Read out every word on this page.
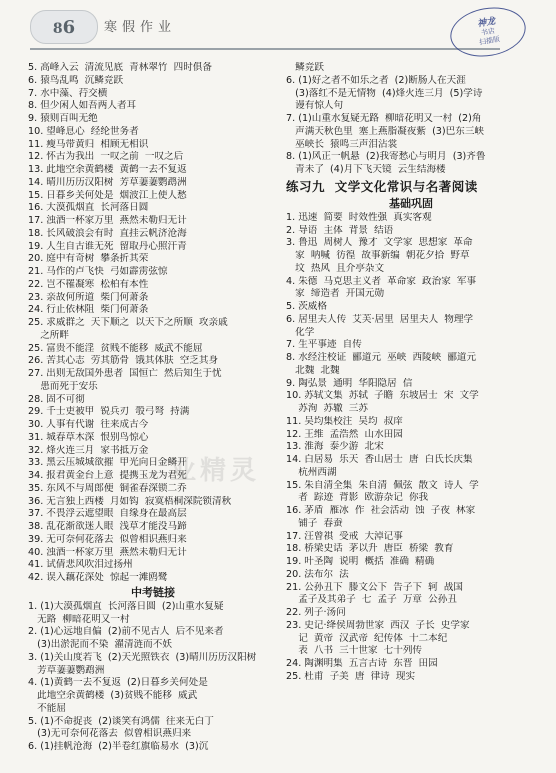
86 寒假作业	神龙
书店
扫描版
5. 高峰入云  清流见底  青林翠竹  四时俱备
6. 猿鸟乱鸣  沉鳞竞跃
7. 水中藻、荇交横
8. 但少闲人如吾两人者耳
9. 猿则百叫无绝
10. 望峰息心  经纶世务者
11. 瘦马带黄归  相顾无相识
12. 怀古为我出  一叹之前  一叹之后
13. 此地空余黄鹤楼  黄鹤一去不复返
14. 晴川历历汉阳树  芳草萋萋鹦鹉洲
15. 日暮乡关何处是  烟波江上使人愁
16. 大漠孤烟直  长河落日圆
17. 浊酒一杯家万里  燕然未勒归无计
18. 长风破浪会有时  直挂云帆济沧海
19. 人生自古谁无死  留取丹心照汗青
20. 庭中有奇树  攀条折其荣
21. 马作的卢飞快  弓如霹雳弦惊
22. 岂不罹凝寒  松柏有本性
23. 亲故何所道  柴门何萧条
24. 行止依林阻  柴门何萧条
25. 求威群之  天下顺之  以天下之所顺  攻亲戚
之所畔
25. 富贵不能淫  贫贱不能移  威武不能屈
26. 苦其心志  劳其筋骨  饿其体肤  空乏其身
27. 出则无敌国外患者  国恒亡  然后知生于忧
患而死于安乐
28. 固不可彻
29. 千士吏被甲  锐兵刃  彀弓弩  持满
30. 人事有代谢  往来成古今
31. 城春草木深  恨别鸟惊心
32. 烽火连三月  家书抵万金
33. 黑云压城城欲摧  甲光向日金鳞开
34. 报君黄金台上意  提携玉龙为君死
35. 东风不与周郎便  铜雀春深锁二乔
36. 无言独上西楼  月如钩  寂寞梧桐深院锁清秋
37. 不畏浮云遮望眼  自缘身在最高层
38. 乱花渐欲迷人眼  浅草才能没马蹄
39. 无可奈何花落去  似曾相识燕归来
40. 浊酒一杯家万里  燕然未勒归无计
41. 试倩悲风吹泪过扬州
42. 误入藕花深处  惊起一滩鸥鹭
中考链接
1. (1)大漠孤烟直  长河落日圆  (2)山重水复疑
无路  柳暗花明又一村
2. (1)心远地自偏  (2)前不见古人  后不见来者
(3)出淤泥而不染  濯清涟而不妖
3. (1)关山度若飞  (2)天光照铁衣  (3)晴川历历汉阳树
芳草萋萋鹦鹉洲
4. (1)黄鹤一去不复返  (2)日暮乡关何处是
此地空余黄鹤楼  (3)贫贱不能移  威武
不能屈
5. (1)不命捉丧  (2)谈笑有鸿儒  往来无白丁
(3)无可奈何花落去  似曾相识燕归来
6. (1)挂帆沧海  (2)半卷红旗临易水  (3)沉
鳞竞跃
6. (1)好之者不如乐之者  (2)断肠人在天涯
(3)落红不是无情物  (4)烽火连三月  (5)学诗
谩有惊人句
7. (1)山重水复疑无路  柳暗花明又一村  (2)角
声满天秋色里  塞上燕脂凝夜紫  (3)巴东三峡
巫峡长  猿鸣三声泪沾裳
8. (1)风正一帆悬  (2)我寄愁心与明月  (3)齐鲁
青未了  (4)月下飞天镜  云生结海楼
练习九  文学文化常识与名著阅读
基础巩固
1. 迅速  简要  时效性强  真实客观
2. 导语  主体  背景  结语
3. 鲁迅  周树人  豫才  文学家  思想家  革命
家  呐喊  彷徨  故事新编  朝花夕拾  野草
坟  热风  且介亭杂文
4. 朱德  马克思主义者  革命家  政治家  军事
家  缔造者  开国元勋
5. 茨威格
6. 居里夫人传  艾芙·居里  居里夫人  物理学
化学
7. 生平事迹  自传
8. 水经注校证  郦道元  巫峡  西陵峡  郦道元
北魏  北魏
9. 陶弘景  通明  华阳隐居  信
10. 苏轼文集  苏轼  子瞻  东坡居士  宋  文学
苏洵  苏辙  三苏
11. 吴均集校注  吴均  叔庠
12. 王维  孟浩然  山水田园
13. 淮海  泰少游  北宋
14. 白居易  乐天  香山居士  唐  白氏长庆集
杭州西湖
15. 朱自清全集  朱自清  佩弦  散文  诗人  学
者  踪迹  背影  欧游杂记  你我
16. 茅盾  雁冰  作  社会活动  蚀  子夜  林家
铺子  春蚕
17. 汪曾祺  受戒  大淖记事
18. 桥梁史话  茅以升  唐臣  桥梁  教育
19. 叶圣陶  说明  概括  准确  精确
20. 法布尔  法
21. 公孙丑下  滕文公下  告子下  轲  战国
孟子及其弟子  七  孟子  万章  公孙丑
22. 列子·汤问
23. 史记·绛侯周勃世家  西汉  子长  史学家
记  黄帝  汉武帝  纪传体  十二本纪
表  八书  三十世家  七十列传
24. 陶渊明集  五言古诗  东晋  田园
25. 杜甫  子美  唐  律诗  现实
业精灵
